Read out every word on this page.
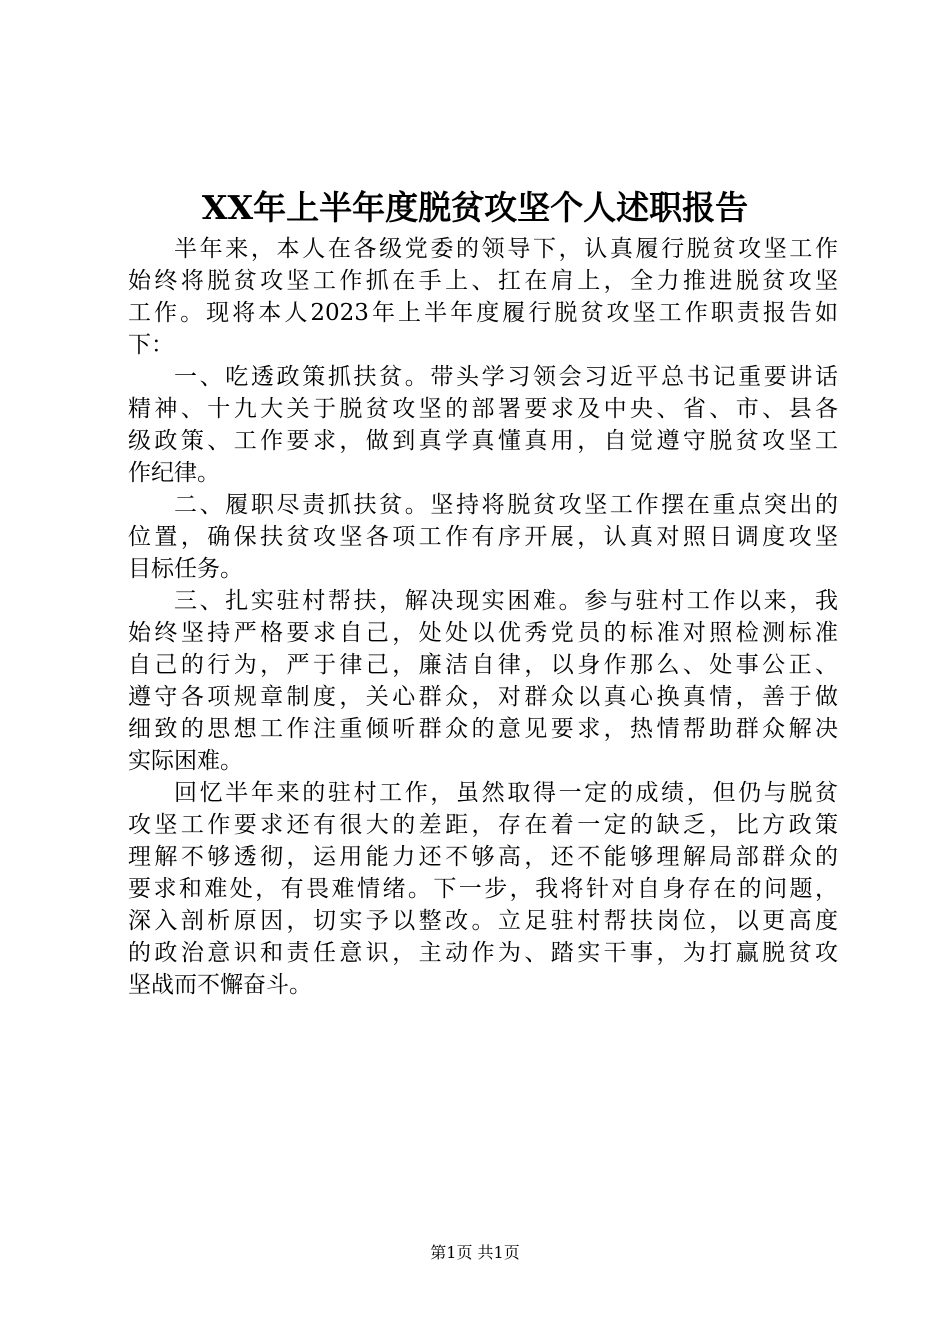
XX年上半年度脱贫攻坚个人述职报告
半年来，本人在各级党委的领导下，认真履行脱贫攻坚工作
始终将脱贫攻坚工作抓在手上、扛在肩上，全力推进脱贫攻坚
工作。现将本人2023年上半年度履行脱贫攻坚工作职责报告如
下：
一、吃透政策抓扶贫。带头学习领会习近平总书记重要讲话
精神、十九大关于脱贫攻坚的部署要求及中央、省、市、县各
级政策、工作要求，做到真学真懂真用，自觉遵守脱贫攻坚工
作纪律。
二、履职尽责抓扶贫。坚持将脱贫攻坚工作摆在重点突出的
位置，确保扶贫攻坚各项工作有序开展，认真对照日调度攻坚
目标任务。
三、扎实驻村帮扶，解决现实困难。参与驻村工作以来，我
始终坚持严格要求自己，处处以优秀党员的标准对照检测标准
自己的行为，严于律己，廉洁自律，以身作那么、处事公正、
遵守各项规章制度，关心群众，对群众以真心换真情，善于做
细致的思想工作注重倾听群众的意见要求，热情帮助群众解决
实际困难。
回忆半年来的驻村工作，虽然取得一定的成绩，但仍与脱贫
攻坚工作要求还有很大的差距，存在着一定的缺乏，比方政策
理解不够透彻，运用能力还不够高，还不能够理解局部群众的
要求和难处，有畏难情绪。下一步，我将针对自身存在的问题，
深入剖析原因，切实予以整改。立足驻村帮扶岗位，以更高度
的政治意识和责任意识，主动作为、踏实干事，为打赢脱贫攻
坚战而不懈奋斗。
第1页 共1页
